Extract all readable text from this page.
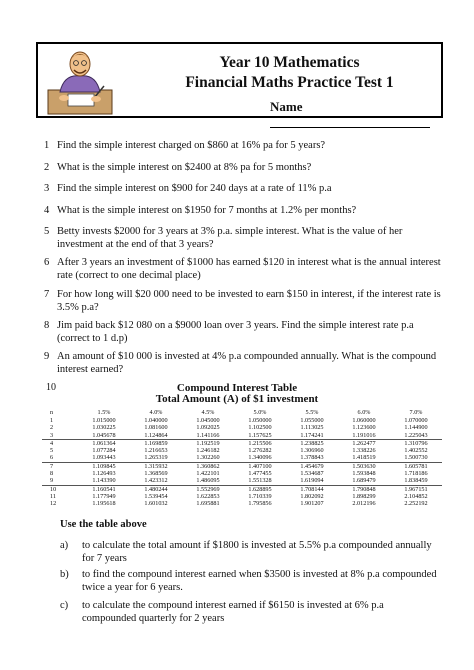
Year 10 Mathematics
Financial Maths Practice Test 1
Name
1 Find the simple interest charged on $860 at 16% pa for 5 years?
2 What is the simple interest on $2400 at 8% pa for 5 months?
3 Find the simple interest on $900 for 240 days at a rate of 11% p.a
4 What is the simple interest on $1950 for 7 months at 1.2% per months?
5 Betty invests $2000 for 3 years at 3% p.a. simple interest. What is the value of her investment at the end of that 3 years?
6 After 3 years an investment of $1000 has earned $120 in interest what is the annual interest rate (correct to one decimal place)
7 For how long will $20 000 need to be invested to earn $150 in interest, if the interest rate is 3.5% p.a?
8 Jim paid back $12 080 on a $9000 loan over 3 years. Find the simple interest rate p.a (correct to 1 d.p)
9 An amount of $10 000 is invested at 4% p.a compounded annually. What is the compound interest earned?
10	Compound Interest Table
Total Amount (A) of $1 investment
n	1.5%	4.0%	4.5%	5.0%	5.5%	6.0%	7.0%
1	1.015000	1.040000	1.045000	1.050000	1.055000	1.060000	1.070000
2	1.030225	1.081600	1.092025	1.102500	1.113025	1.123600	1.144900
3	1.045678	1.124864	1.141166	1.157625	1.174241	1.191016	1.225043
4	1.061364	1.169859	1.192519	1.215506	1.238825	1.262477	1.310796
5	1.077284	1.216653	1.246182	1.276282	1.306960	1.338226	1.402552
6	1.093443	1.265319	1.302260	1.340096	1.378843	1.418519	1.500730
7	1.109845	1.315932	1.360862	1.407100	1.454679	1.503630	1.605781
8	1.126493	1.368569	1.422101	1.477455	1.534687	1.593848	1.718186
9	1.143390	1.423312	1.486095	1.551328	1.619094	1.689479	1.838459
10	1.160541	1.480244	1.552969	1.628895	1.708144	1.790848	1.967151
11	1.177949	1.539454	1.622853	1.710339	1.802092	1.898299	2.104852
12	1.195618	1.601032	1.695881	1.795856	1.901207	2.012196	2.252192
Use the table above
a) to calculate the total amount if $1800 is invested at 5.5% p.a compounded annually for 7 years
b) to find the compound interest earned when $3500 is invested at 8% p.a compounded twice a year for 6 years.
c) to calculate the compound interest earned if $6150 is invested at 6% p.a compounded quarterly for 2 years
